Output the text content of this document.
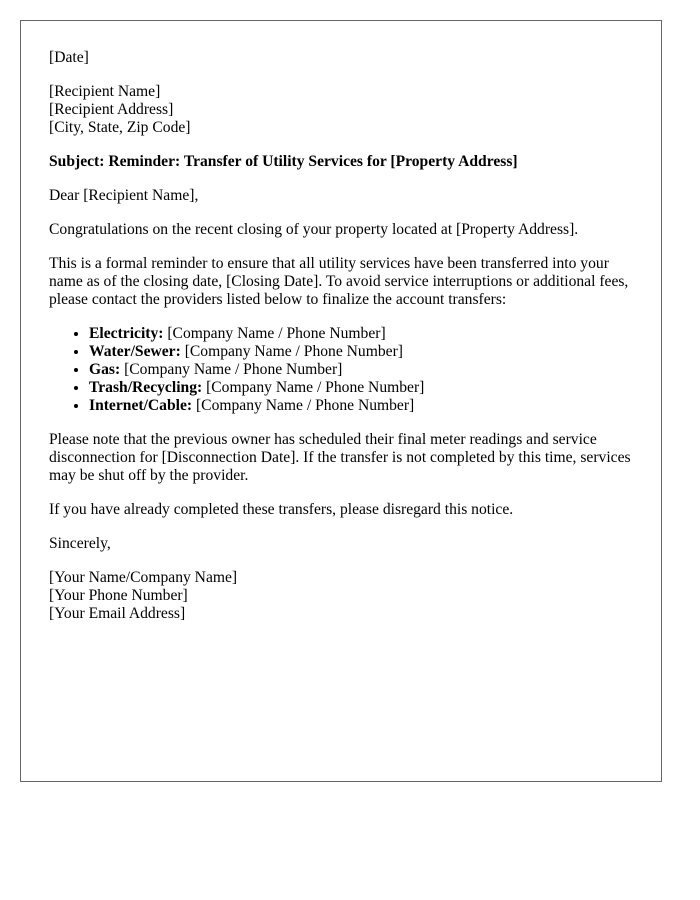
[Date]

[Recipient Name]
[Recipient Address]
[City, State, Zip Code]

Subject: Reminder: Transfer of Utility Services for [Property Address]

Dear [Recipient Name],

Congratulations on the recent closing of your property located at [Property Address].

This is a formal reminder to ensure that all utility services have been transferred into your name as of the closing date, [Closing Date]. To avoid service interruptions or additional fees, please contact the providers listed below to finalize the account transfers:

• Electricity: [Company Name / Phone Number]
• Water/Sewer: [Company Name / Phone Number]
• Gas: [Company Name / Phone Number]
• Trash/Recycling: [Company Name / Phone Number]
• Internet/Cable: [Company Name / Phone Number]

Please note that the previous owner has scheduled their final meter readings and service disconnection for [Disconnection Date]. If the transfer is not completed by this time, services may be shut off by the provider.

If you have already completed these transfers, please disregard this notice.

Sincerely,

[Your Name/Company Name]
[Your Phone Number]
[Your Email Address]
